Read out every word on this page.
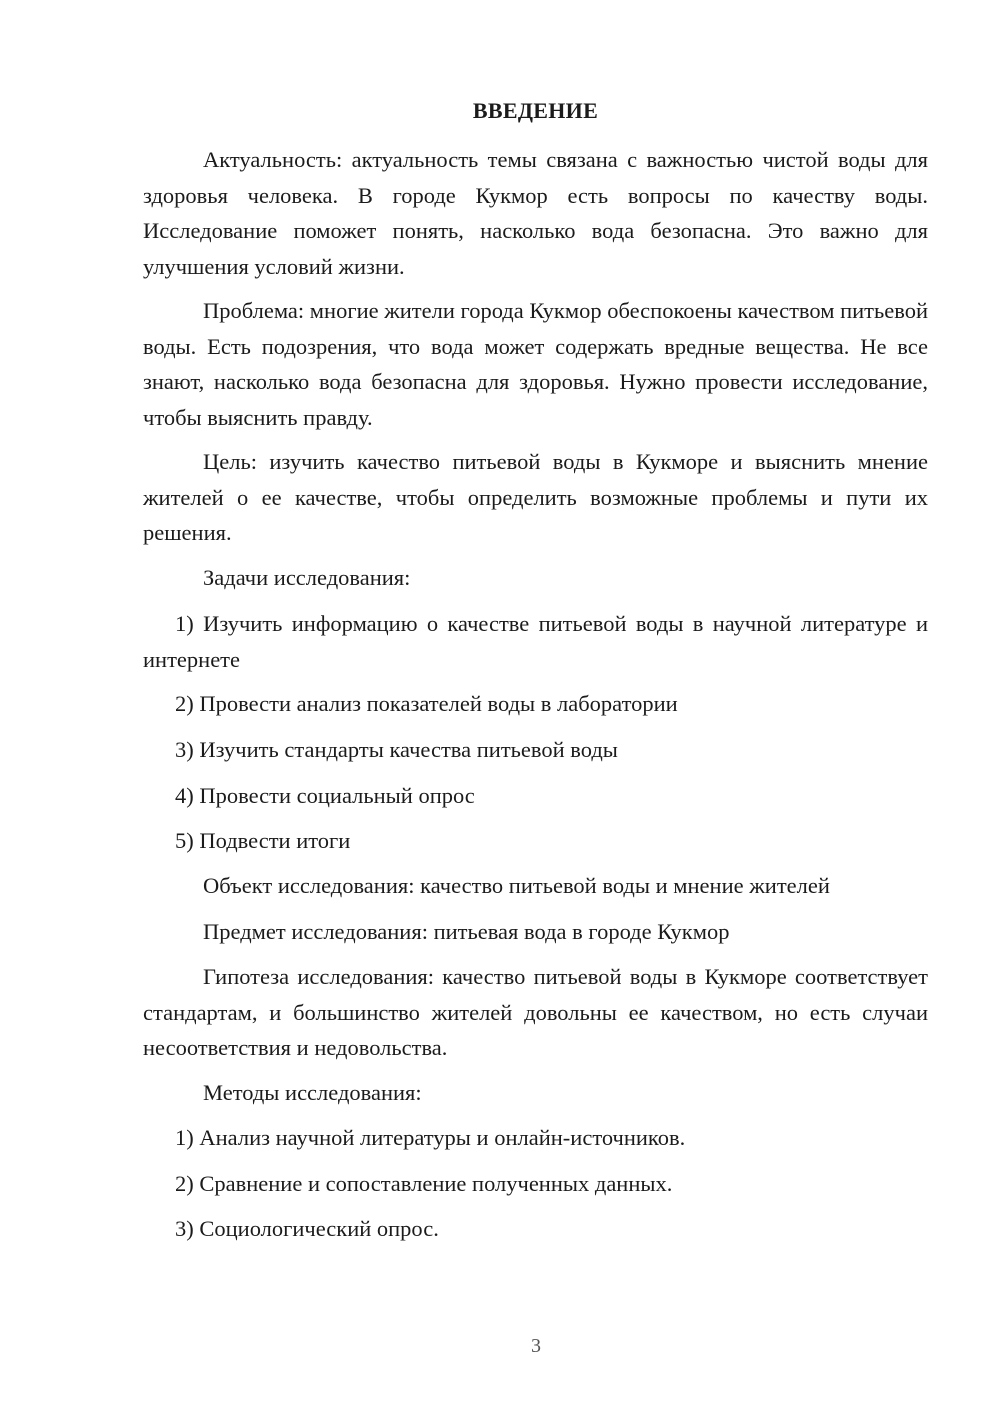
ВВЕДЕНИЕ

Актуальность: актуальность темы связана с важностью чистой воды для здоровья человека. В городе Кукмор есть вопросы по качеству воды. Исследование поможет понять, насколько вода безопасна. Это важно для улучшения условий жизни.

Проблема: многие жители города Кукмор обеспокоены качеством питьевой воды. Есть подозрения, что вода может содержать вредные вещества. Не все знают, насколько вода безопасна для здоровья. Нужно провести исследование, чтобы выяснить правду.

Цель: изучить качество питьевой воды в Кукморе и выяснить мнение жителей о ее качестве, чтобы определить возможные проблемы и пути их решения.

Задачи исследования:

1) Изучить информацию о качестве питьевой воды в научной литературе и интернете

2) Провести анализ показателей воды в лаборатории

3) Изучить стандарты качества питьевой воды

4) Провести социальный опрос

5) Подвести итоги

Объект исследования: качество питьевой воды и мнение жителей

Предмет исследования: питьевая вода в городе Кукмор

Гипотеза исследования: качество питьевой воды в Кукморе соответствует стандартам, и большинство жителей довольны ее качеством, но есть случаи несоответствия и недовольства.

Методы исследования:

1) Анализ научной литературы и онлайн-источников.

2) Сравнение и сопоставление полученных данных.

3) Социологический опрос.

3
